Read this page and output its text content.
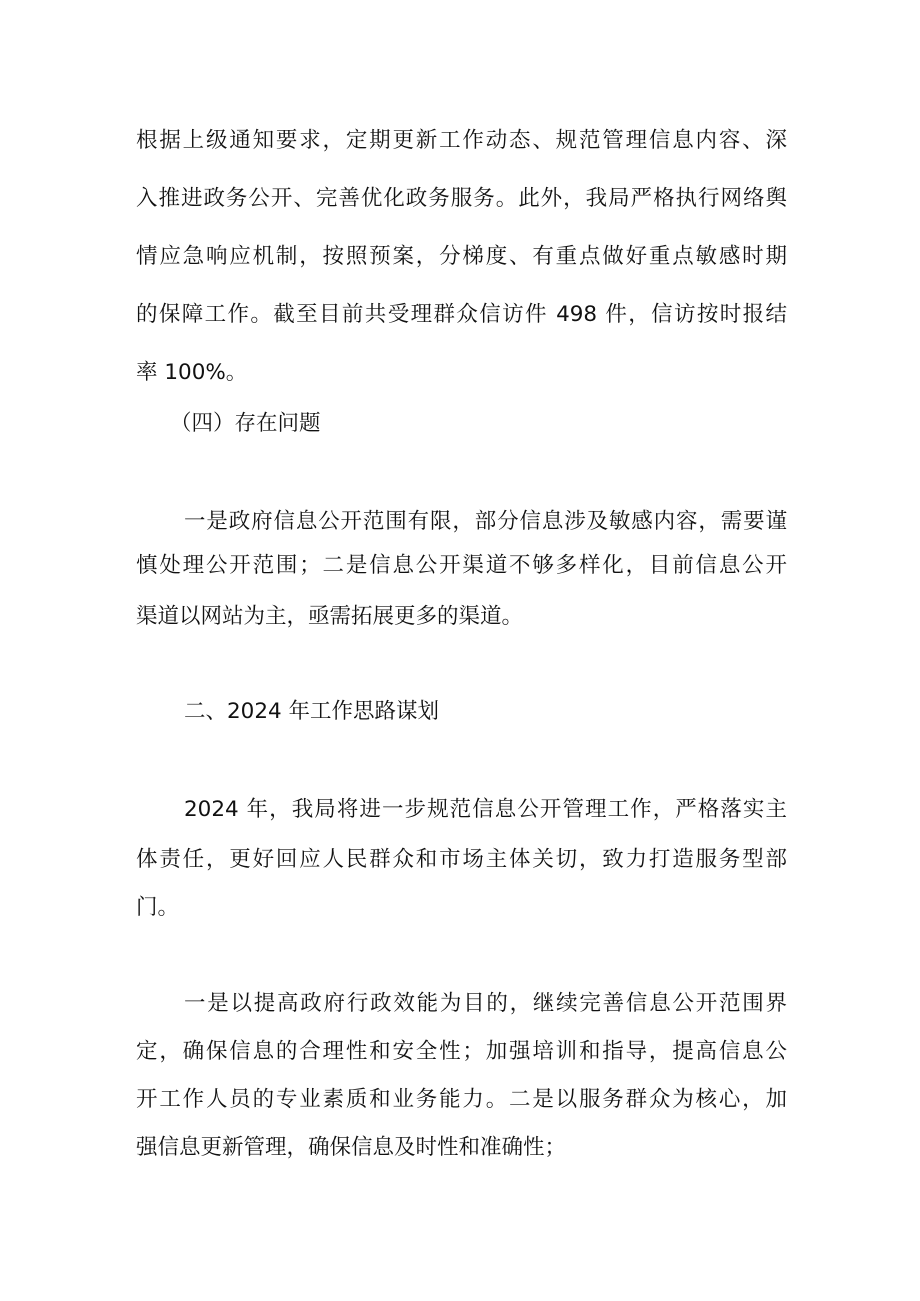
根据上级通知要求，定期更新工作动态、规范管理信息内容、深

入推进政务公开、完善优化政务服务。此外，我局严格执行网络舆

情应急响应机制，按照预案，分梯度、有重点做好重点敏感时期

的保障工作。截至目前共受理群众信访件 498 件，信访按时报结

率 100%。

（四）存在问题

一是政府信息公开范围有限，部分信息涉及敏感内容，需要谨

慎处理公开范围；二是信息公开渠道不够多样化，目前信息公开

渠道以网站为主，亟需拓展更多的渠道。

二、2024 年工作思路谋划

2024 年，我局将进一步规范信息公开管理工作，严格落实主

体责任，更好回应人民群众和市场主体关切，致力打造服务型部

门。

一是以提高政府行政效能为目的，继续完善信息公开范围界

定，确保信息的合理性和安全性；加强培训和指导，提高信息公

开工作人员的专业素质和业务能力。二是以服务群众为核心，加

强信息更新管理，确保信息及时性和准确性；
